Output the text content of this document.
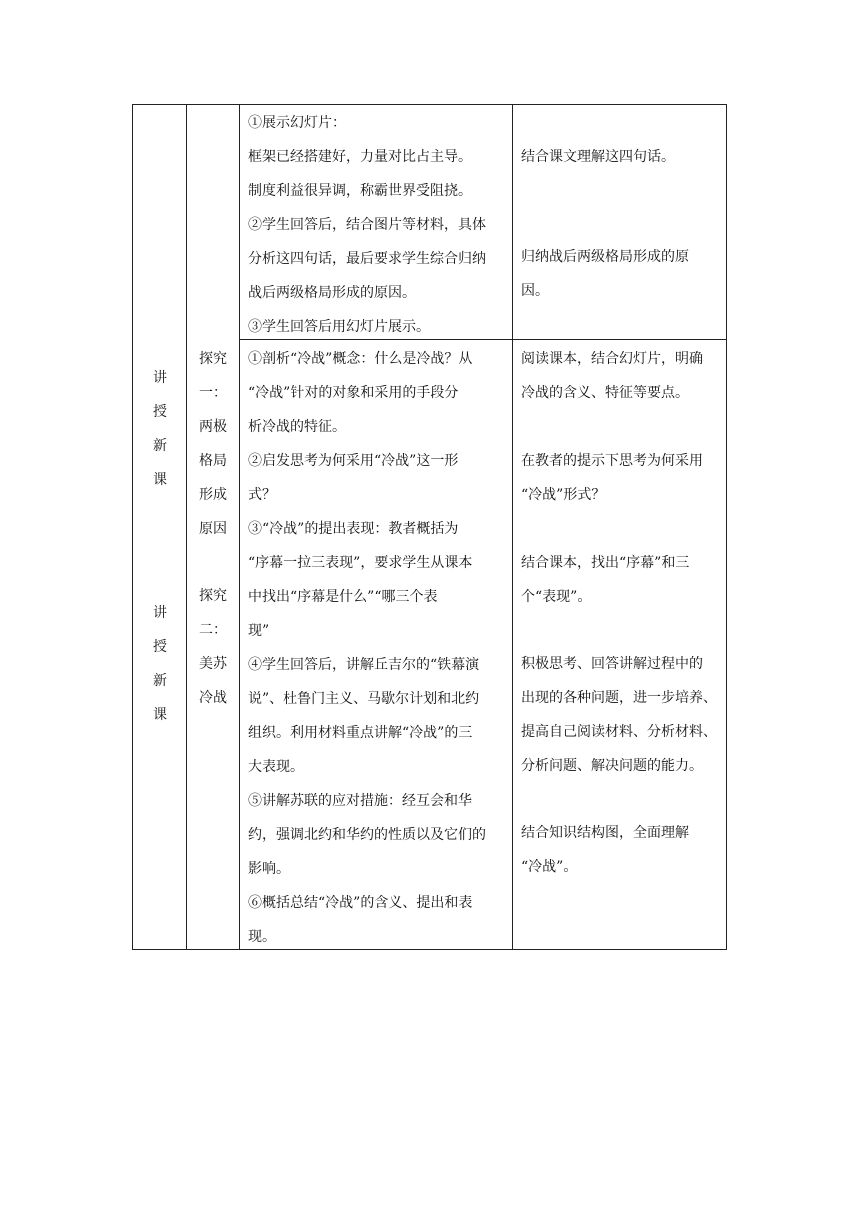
讲
授
新
课
讲
授
新
课
探究
一：
两极
格局
形成
原因
探究
二：
美苏
冷战
①展示幻灯片：
框架已经搭建好，力量对比占主导。
制度利益很异调，称霸世界受阻挠。
②学生回答后，结合图片等材料，具体
分析这四句话，最后要求学生综合归纳
战后两级格局形成的原因。
③学生回答后用幻灯片展示。
①剖析“冷战”概念：什么是冷战？从
“冷战”针对的对象和采用的手段分
析冷战的特征。
②启发思考为何采用“冷战”这一形
式？
③“冷战”的提出表现：教者概括为
“序幕一拉三表现”，要求学生从课本
中找出“序幕是什么”“哪三个表
现”
④学生回答后，讲解丘吉尔的“铁幕演
说”、杜鲁门主义、马歇尔计划和北约
组织。利用材料重点讲解“冷战”的三
大表现。
⑤讲解苏联的应对措施：经互会和华
约，强调北约和华约的性质以及它们的
影响。
⑥概括总结“冷战”的含义、提出和表
现。
结合课文理解这四句话。
归纳战后两级格局形成的原
因。
阅读课本，结合幻灯片，明确
冷战的含义、特征等要点。
在教者的提示下思考为何采用
“冷战”形式？
结合课本，找出“序幕”和三
个“表现”。
积极思考、回答讲解过程中的
出现的各种问题，进一步培养、
提高自己阅读材料、分析材料、
分析问题、解决问题的能力。
结合知识结构图，全面理解
“冷战”。
